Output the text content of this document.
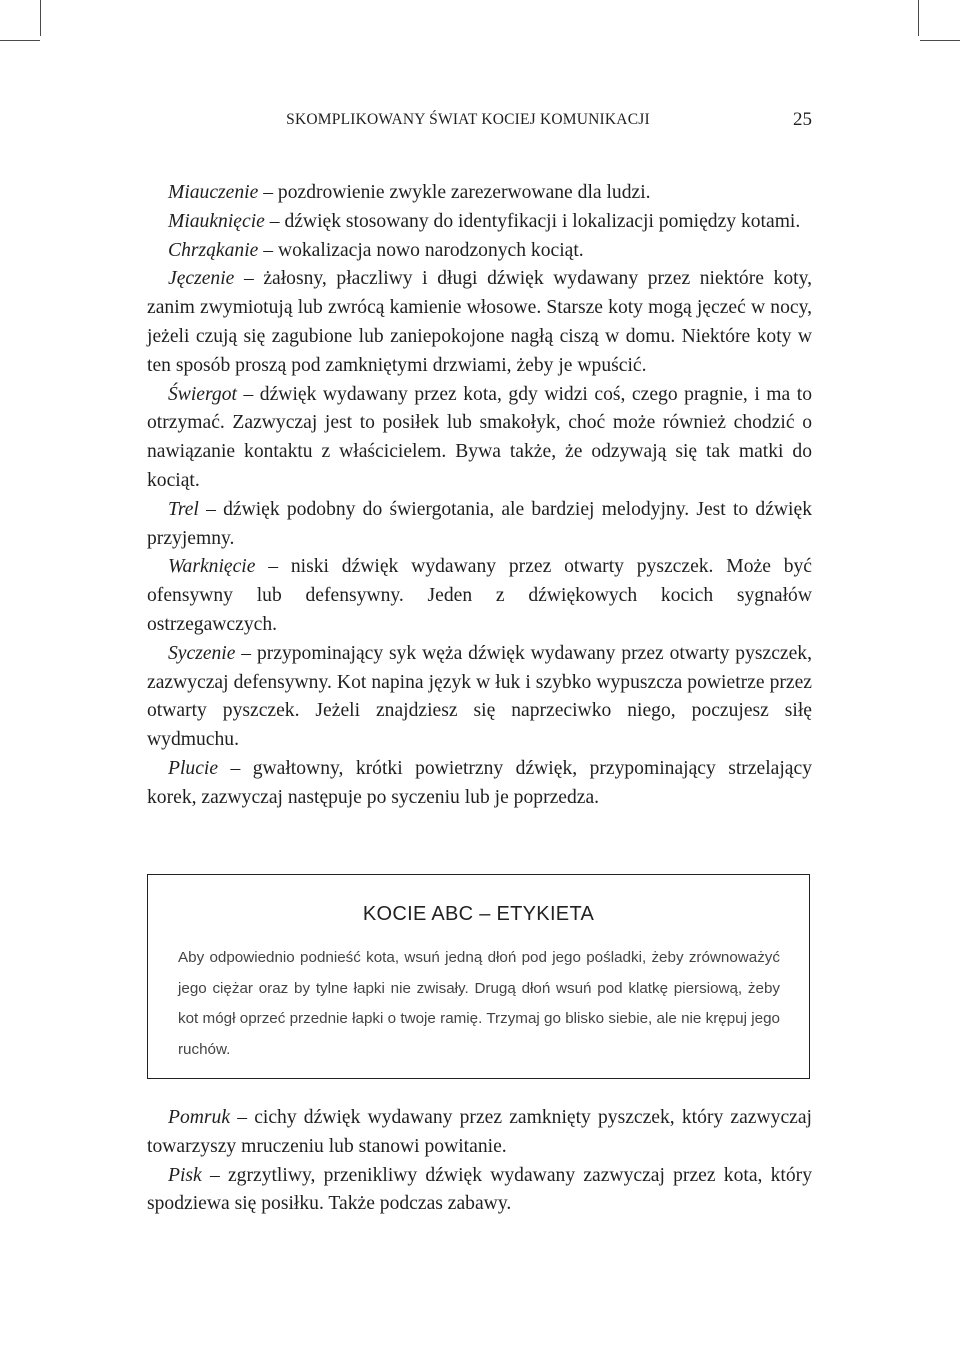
SKOMPLIKOWANY ŚWIAT KOCIEJ KOMUNIKACJI	25

Miauczenie – pozdrowienie zwykle zarezerwowane dla ludzi.

Miauknięcie – dźwięk stosowany do identyfikacji i lokalizacji pomiędzy kotami.

Chrząkanie – wokalizacja nowo narodzonych kociąt.

Jęczenie – żałosny, płaczliwy i długi dźwięk wydawany przez niektóre koty, zanim zwymiotują lub zwrócą kamienie włosowe. Starsze koty mogą jęczeć w nocy, jeżeli czują się zagubione lub zaniepokojone nagłą ciszą w domu. Niektóre koty w ten sposób proszą pod zamkniętymi drzwiami, żeby je wpuścić.

Świergot – dźwięk wydawany przez kota, gdy widzi coś, czego pragnie, i ma to otrzymać. Zazwyczaj jest to posiłek lub smakołyk, choć może również chodzić o nawiązanie kontaktu z właścicielem. Bywa także, że odzywają się tak matki do kociąt.

Trel – dźwięk podobny do świergotania, ale bardziej melodyjny. Jest to dźwięk przyjemny.

Warknięcie – niski dźwięk wydawany przez otwarty pyszczek. Może być ofensywny lub defensywny. Jeden z dźwiękowych kocich sygnałów ostrzegawczych.

Syczenie – przypominający syk węża dźwięk wydawany przez otwarty pyszczek, zazwyczaj defensywny. Kot napina język w łuk i szybko wypuszcza powietrze przez otwarty pyszczek. Jeżeli znajdziesz się naprzeciwko niego, poczujesz siłę wydmuchu.

Plucie – gwałtowny, krótki powietrzny dźwięk, przypominający strzelający korek, zazwyczaj następuje po syczeniu lub je poprzedza.

KOCIE ABC – ETYKIETA

Aby odpowiednio podnieść kota, wsuń jedną dłoń pod jego pośladki, żeby zrównoważyć jego ciężar oraz by tylne łapki nie zwisały. Drugą dłoń wsuń pod klatkę piersiową, żeby kot mógł oprzeć przednie łapki o twoje ramię. Trzymaj go blisko siebie, ale nie krępuj jego ruchów.

Pomruk – cichy dźwięk wydawany przez zamknięty pyszczek, który zazwyczaj towarzyszy mruczeniu lub stanowi powitanie.

Pisk – zgrzytliwy, przenikliwy dźwięk wydawany zazwyczaj przez kota, który spodziewa się posiłku. Także podczas zabawy.
